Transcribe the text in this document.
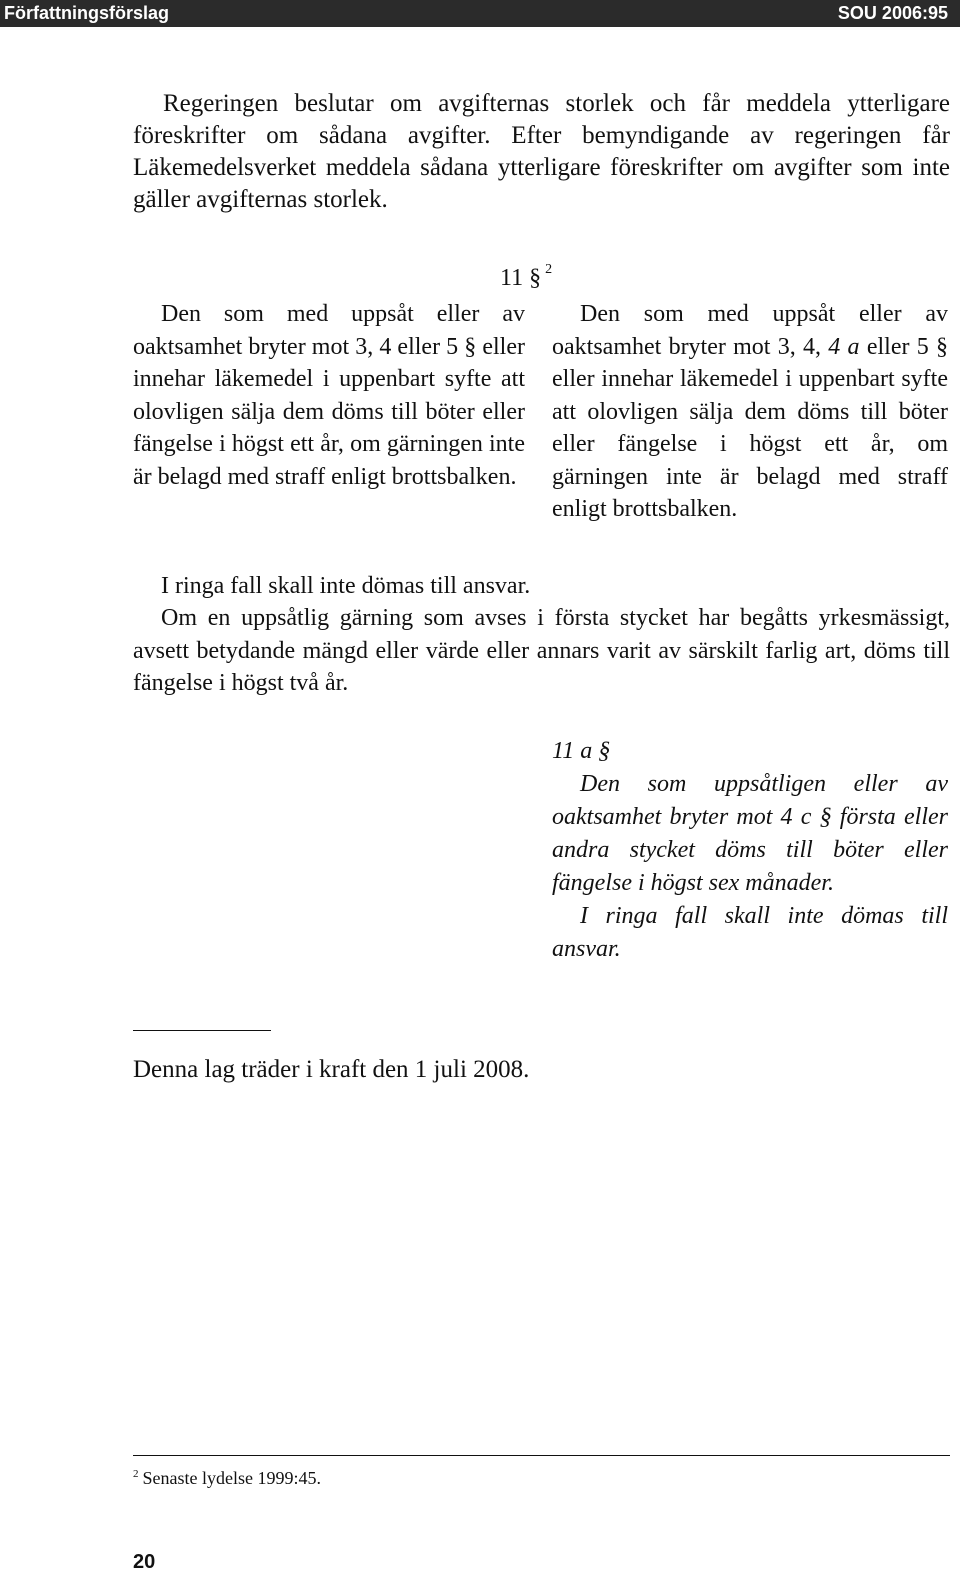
Författningsförslag	SOU 2006:95
Regeringen beslutar om avgifternas storlek och får meddela ytterligare föreskrifter om sådana avgifter. Efter bemyndigande av regeringen får Läkemedelsverket meddela sådana ytterligare föreskrifter om avgifter som inte gäller avgifternas storlek.
11 § $^2$
Den som med uppsåt eller av oaktsamhet bryter mot 3, 4 eller 5 § eller innehar läkemedel i uppenbart syfte att olovligen sälja dem döms till böter eller fängelse i högst ett år, om gärningen inte är belagd med straff enligt brottsbalken.
Den som med uppsåt eller av oaktsamhet bryter mot 3, 4, 4 a eller 5 § eller innehar läkemedel i uppenbart syfte att olovligen sälja dem döms till böter eller fängelse i högst ett år, om gärningen inte är belagd med straff enligt brottsbalken.
I ringa fall skall inte dömas till ansvar.
Om en uppsåtlig gärning som avses i första stycket har begåtts yrkesmässigt, avsett betydande mängd eller värde eller annars varit av särskilt farlig art, döms till fängelse i högst två år.
11 a §
Den som uppsåtligen eller av oaktsamhet bryter mot 4 c § första eller andra stycket döms till böter eller fängelse i högst sex månader.
I ringa fall skall inte dömas till ansvar.
Denna lag träder i kraft den 1 juli 2008.
$^2$ Senaste lydelse 1999:45.
20
